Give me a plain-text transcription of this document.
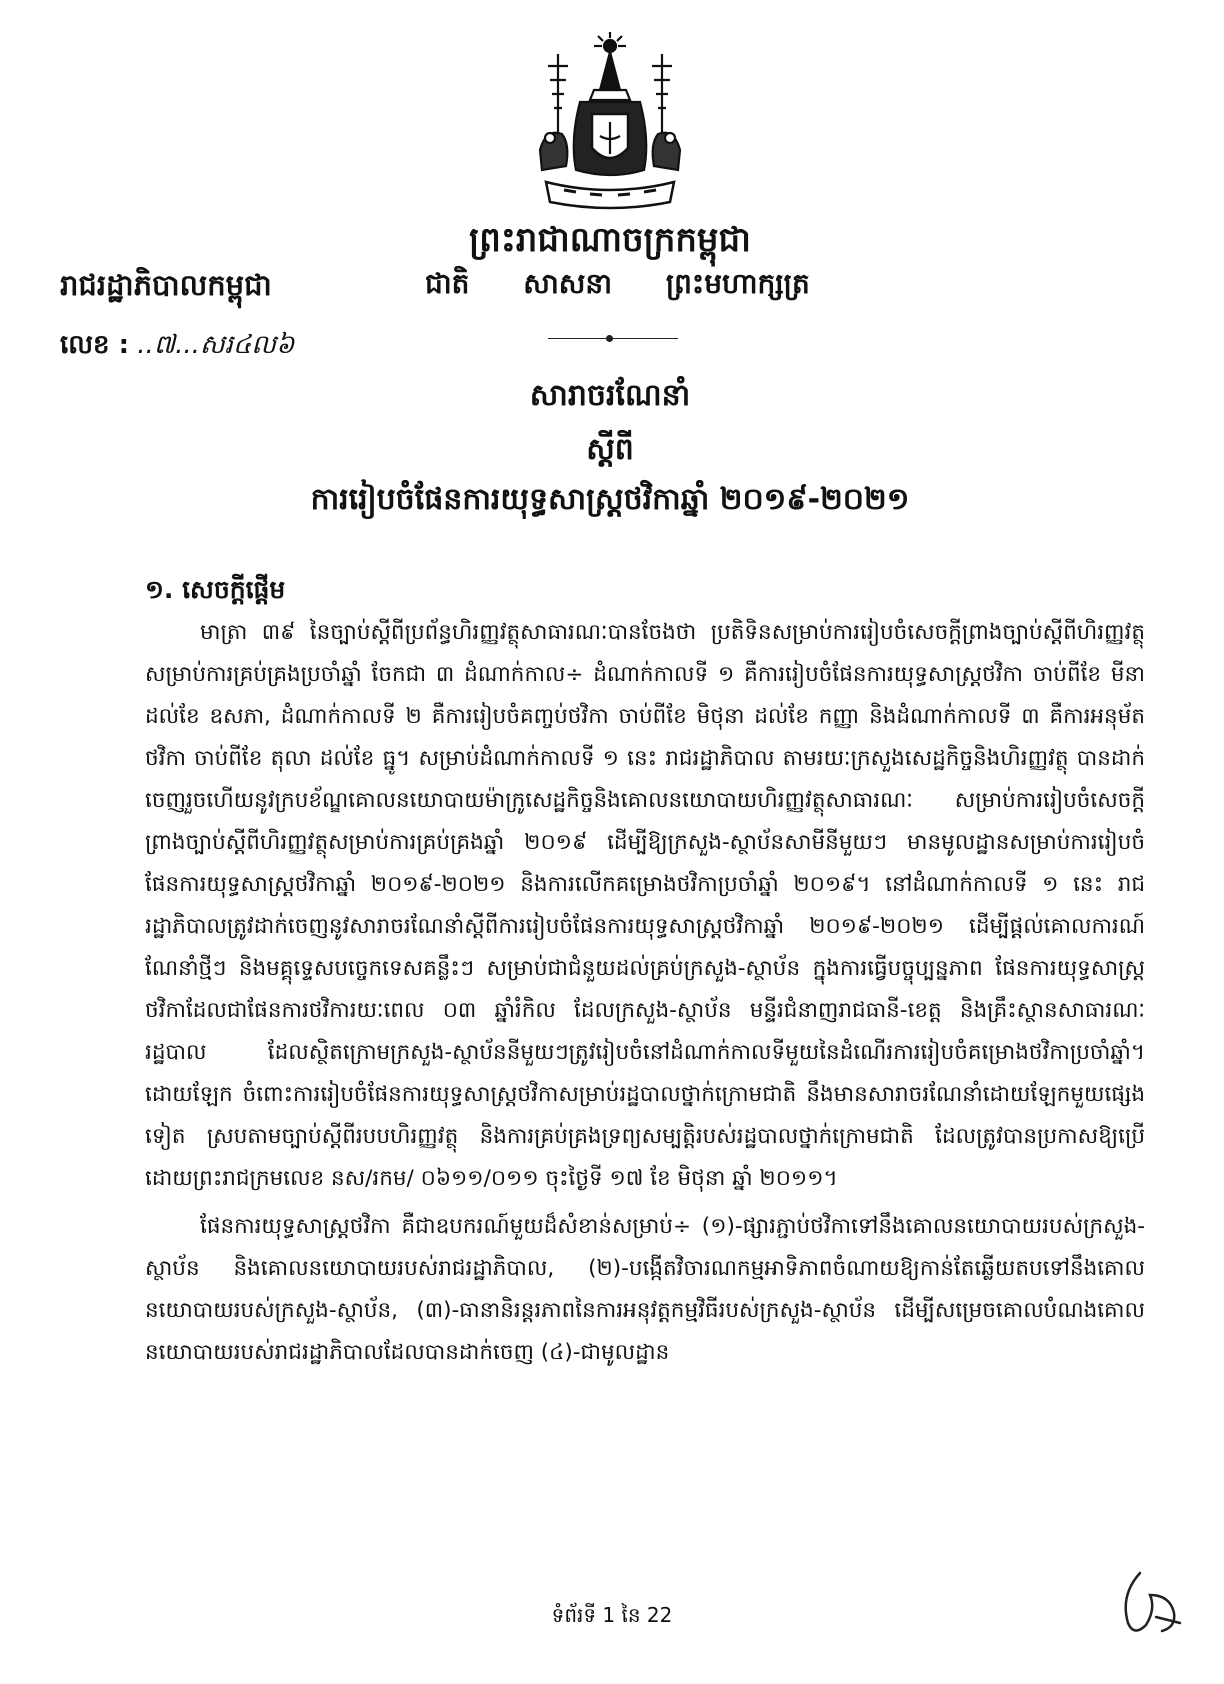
ព្រះរាជាណាចក្រកម្ពុជា
ជាតិ សាសនា ព្រះមហាក្សត្រ
រាជរដ្ឋាភិបាលកម្ពុជា
លេខ : ..៧...សរ៤ល៦
សារាចរណែនាំ
ស្តីពី
ការរៀបចំផែនការយុទ្ធសាស្ត្រថវិកាឆ្នាំ ២០១៩-២០២១
១. សេចក្តីផ្តើម

មាត្រា ៣៩ នៃច្បាប់ស្តីពីប្រព័ន្ធហិរញ្ញវត្ថុសាធារណៈបានចែងថា ប្រតិទិនសម្រាប់ការរៀបចំសេចក្តីព្រាងច្បាប់ស្តីពីហិរញ្ញវត្ថុសម្រាប់ការគ្រប់គ្រងប្រចាំឆ្នាំ ចែកជា ៣ ដំណាក់កាល÷ ដំណាក់កាលទី ១ គឺការរៀបចំផែនការយុទ្ធសាស្ត្រថវិកា ចាប់ពីខែ មីនា ដល់ខែ ឧសភា, ដំណាក់កាលទី ២ គឺការរៀបចំគញ្ចប់ថវិកា ចាប់ពីខែ មិថុនា ដល់ខែ កញ្ញា និងដំណាក់កាលទី ៣ គឺការអនុម័តថវិកា ចាប់ពីខែ តុលា ដល់ខែ ធ្នូ។ សម្រាប់ដំណាក់កាលទី ១ នេះ រាជរដ្ឋាភិបាល តាមរយៈក្រសួងសេដ្ឋកិច្ចនិងហិរញ្ញវត្ថុ បានដាក់ចេញរួចហើយនូវក្របខ័ណ្ឌគោលនយោបាយម៉ាក្រូសេដ្ឋកិច្ចនិងគោលនយោបាយហិរញ្ញវត្ថុសាធារណៈ សម្រាប់ការរៀបចំសេចក្តីព្រាងច្បាប់ស្តីពីហិរញ្ញវត្ថុសម្រាប់ការគ្រប់គ្រងឆ្នាំ ២០១៩ ដើម្បីឱ្យក្រសួង-ស្ថាប័នសាមីនីមួយៗ មានមូលដ្ឋានសម្រាប់ការរៀបចំផែនការយុទ្ធសាស្ត្រថវិកាឆ្នាំ ២០១៩-២០២១ និងការលើកគម្រោងថវិកាប្រចាំឆ្នាំ ២០១៩។ នៅដំណាក់កាលទី ១ នេះ រាជរដ្ឋាភិបាលត្រូវដាក់ចេញនូវសារាចរណែនាំស្តីពីការរៀបចំផែនការយុទ្ធសាស្ត្រថវិកាឆ្នាំ ២០១៩-២០២១ ដើម្បីផ្តល់គោលការណ៍ណែនាំថ្មីៗ និងមគ្គុទ្ទេសបច្ចេកទេសគន្លឹះៗ សម្រាប់ជាជំនួយដល់គ្រប់ក្រសួង-ស្ថាប័ន ក្នុងការធ្វើបច្ចុប្បន្នភាព ផែនការយុទ្ធសាស្ត្រថវិកាដែលជាផែនការថវិការយៈពេល ០៣ ឆ្នាំរំកិល ដែលក្រសួង-ស្ថាប័ន មន្ទីរជំនាញរាជធានី-ខេត្ត និងគ្រឹះស្ថានសាធារណៈរដ្ឋបាល ដែលស្ថិតក្រោមក្រសួង-ស្ថាប័ននីមួយៗត្រូវរៀបចំនៅដំណាក់កាលទីមួយនៃដំណើរការរៀបចំគម្រោងថវិកាប្រចាំឆ្នាំ។ ដោយឡែក ចំពោះការរៀបចំផែនការយុទ្ធសាស្ត្រថវិកាសម្រាប់រដ្ឋបាលថ្នាក់ក្រោមជាតិ នឹងមានសារាចរណែនាំដោយឡែកមួយផ្សេងទៀត ស្របតាមច្បាប់ស្តីពីរបបហិរញ្ញវត្ថុ និងការគ្រប់គ្រងទ្រព្យសម្បត្តិរបស់រដ្ឋបាលថ្នាក់ក្រោមជាតិ ដែលត្រូវបានប្រកាសឱ្យប្រើដោយព្រះរាជក្រមលេខ នស/រកម/ ០៦១១/០១១ ចុះថ្ងៃទី ១៧ ខែ មិថុនា ឆ្នាំ ២០១១។

ផែនការយុទ្ធសាស្ត្រថវិកា គឺជាឧបករណ៍មួយដ៏សំខាន់សម្រាប់÷ (១)-ផ្សារភ្ជាប់ថវិកាទៅនឹងគោលនយោបាយរបស់ក្រសួង-ស្ថាប័ន និងគោលនយោបាយរបស់រាជរដ្ឋាភិបាល, (២)-បង្កើតវិចារណកម្មអាទិភាពចំណាយឱ្យកាន់តែឆ្លើយតបទៅនឹងគោលនយោបាយរបស់ក្រសួង-ស្ថាប័ន, (៣)-ធានានិរន្តរភាពនៃការអនុវត្តកម្មវិធីរបស់ក្រសួង-ស្ថាប័ន ដើម្បីសម្រេចគោលបំណងគោលនយោបាយរបស់រាជរដ្ឋាភិបាលដែលបានដាក់ចេញ (៤)-ជាមូលដ្ឋាន

ទំព័រទី 1 នៃ 22
